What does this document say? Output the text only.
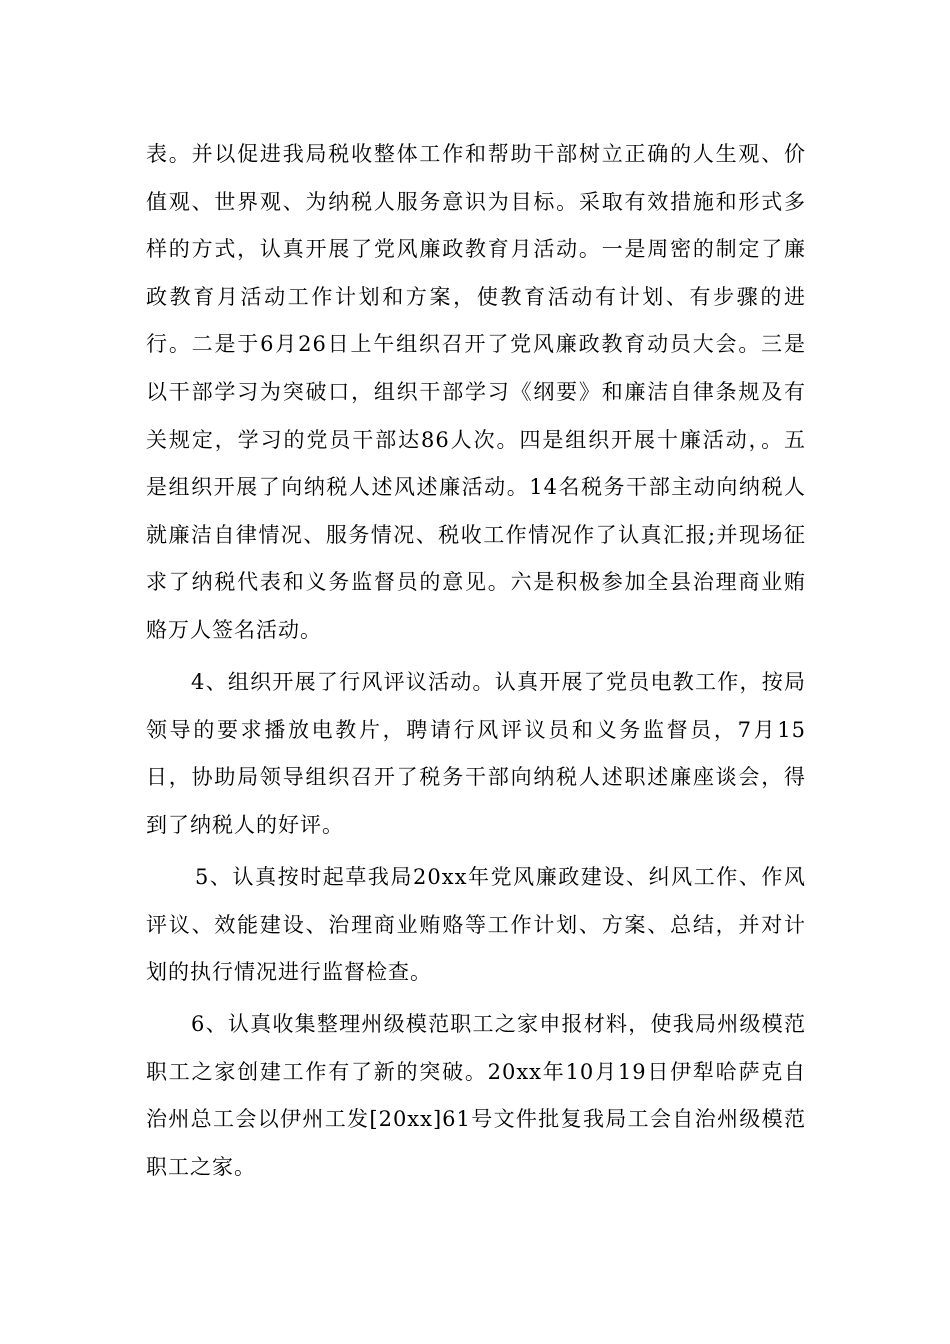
表。并以促进我局税收整体工作和帮助干部树立正确的人生观、价
值观、世界观、为纳税人服务意识为目标。采取有效措施和形式多
样的方式，认真开展了党风廉政教育月活动。一是周密的制定了廉
政教育月活动工作计划和方案，使教育活动有计划、有步骤的进
行。二是于6月26日上午组织召开了党风廉政教育动员大会。三是
以干部学习为突破口，组织干部学习《纲要》和廉洁自律条规及有
关规定，学习的党员干部达86人次。四是组织开展十廉活动，。五
是组织开展了向纳税人述风述廉活动。14名税务干部主动向纳税人
就廉洁自律情况、服务情况、税收工作情况作了认真汇报;并现场征
求了纳税代表和义务监督员的意见。六是积极参加全县治理商业贿
赂万人签名活动。
4、组织开展了行风评议活动。认真开展了党员电教工作，按局
领导的要求播放电教片，聘请行风评议员和义务监督员，7月15
日，协助局领导组织召开了税务干部向纳税人述职述廉座谈会，得
到了纳税人的好评。
5、认真按时起草我局20xx年党风廉政建设、纠风工作、作风
评议、效能建设、治理商业贿赂等工作计划、方案、总结，并对计
划的执行情况进行监督检查。
6、认真收集整理州级模范职工之家申报材料，使我局州级模范
职工之家创建工作有了新的突破。20xx年10月19日伊犁哈萨克自
治州总工会以伊州工发[20xx]61号文件批复我局工会自治州级模范
职工之家。
